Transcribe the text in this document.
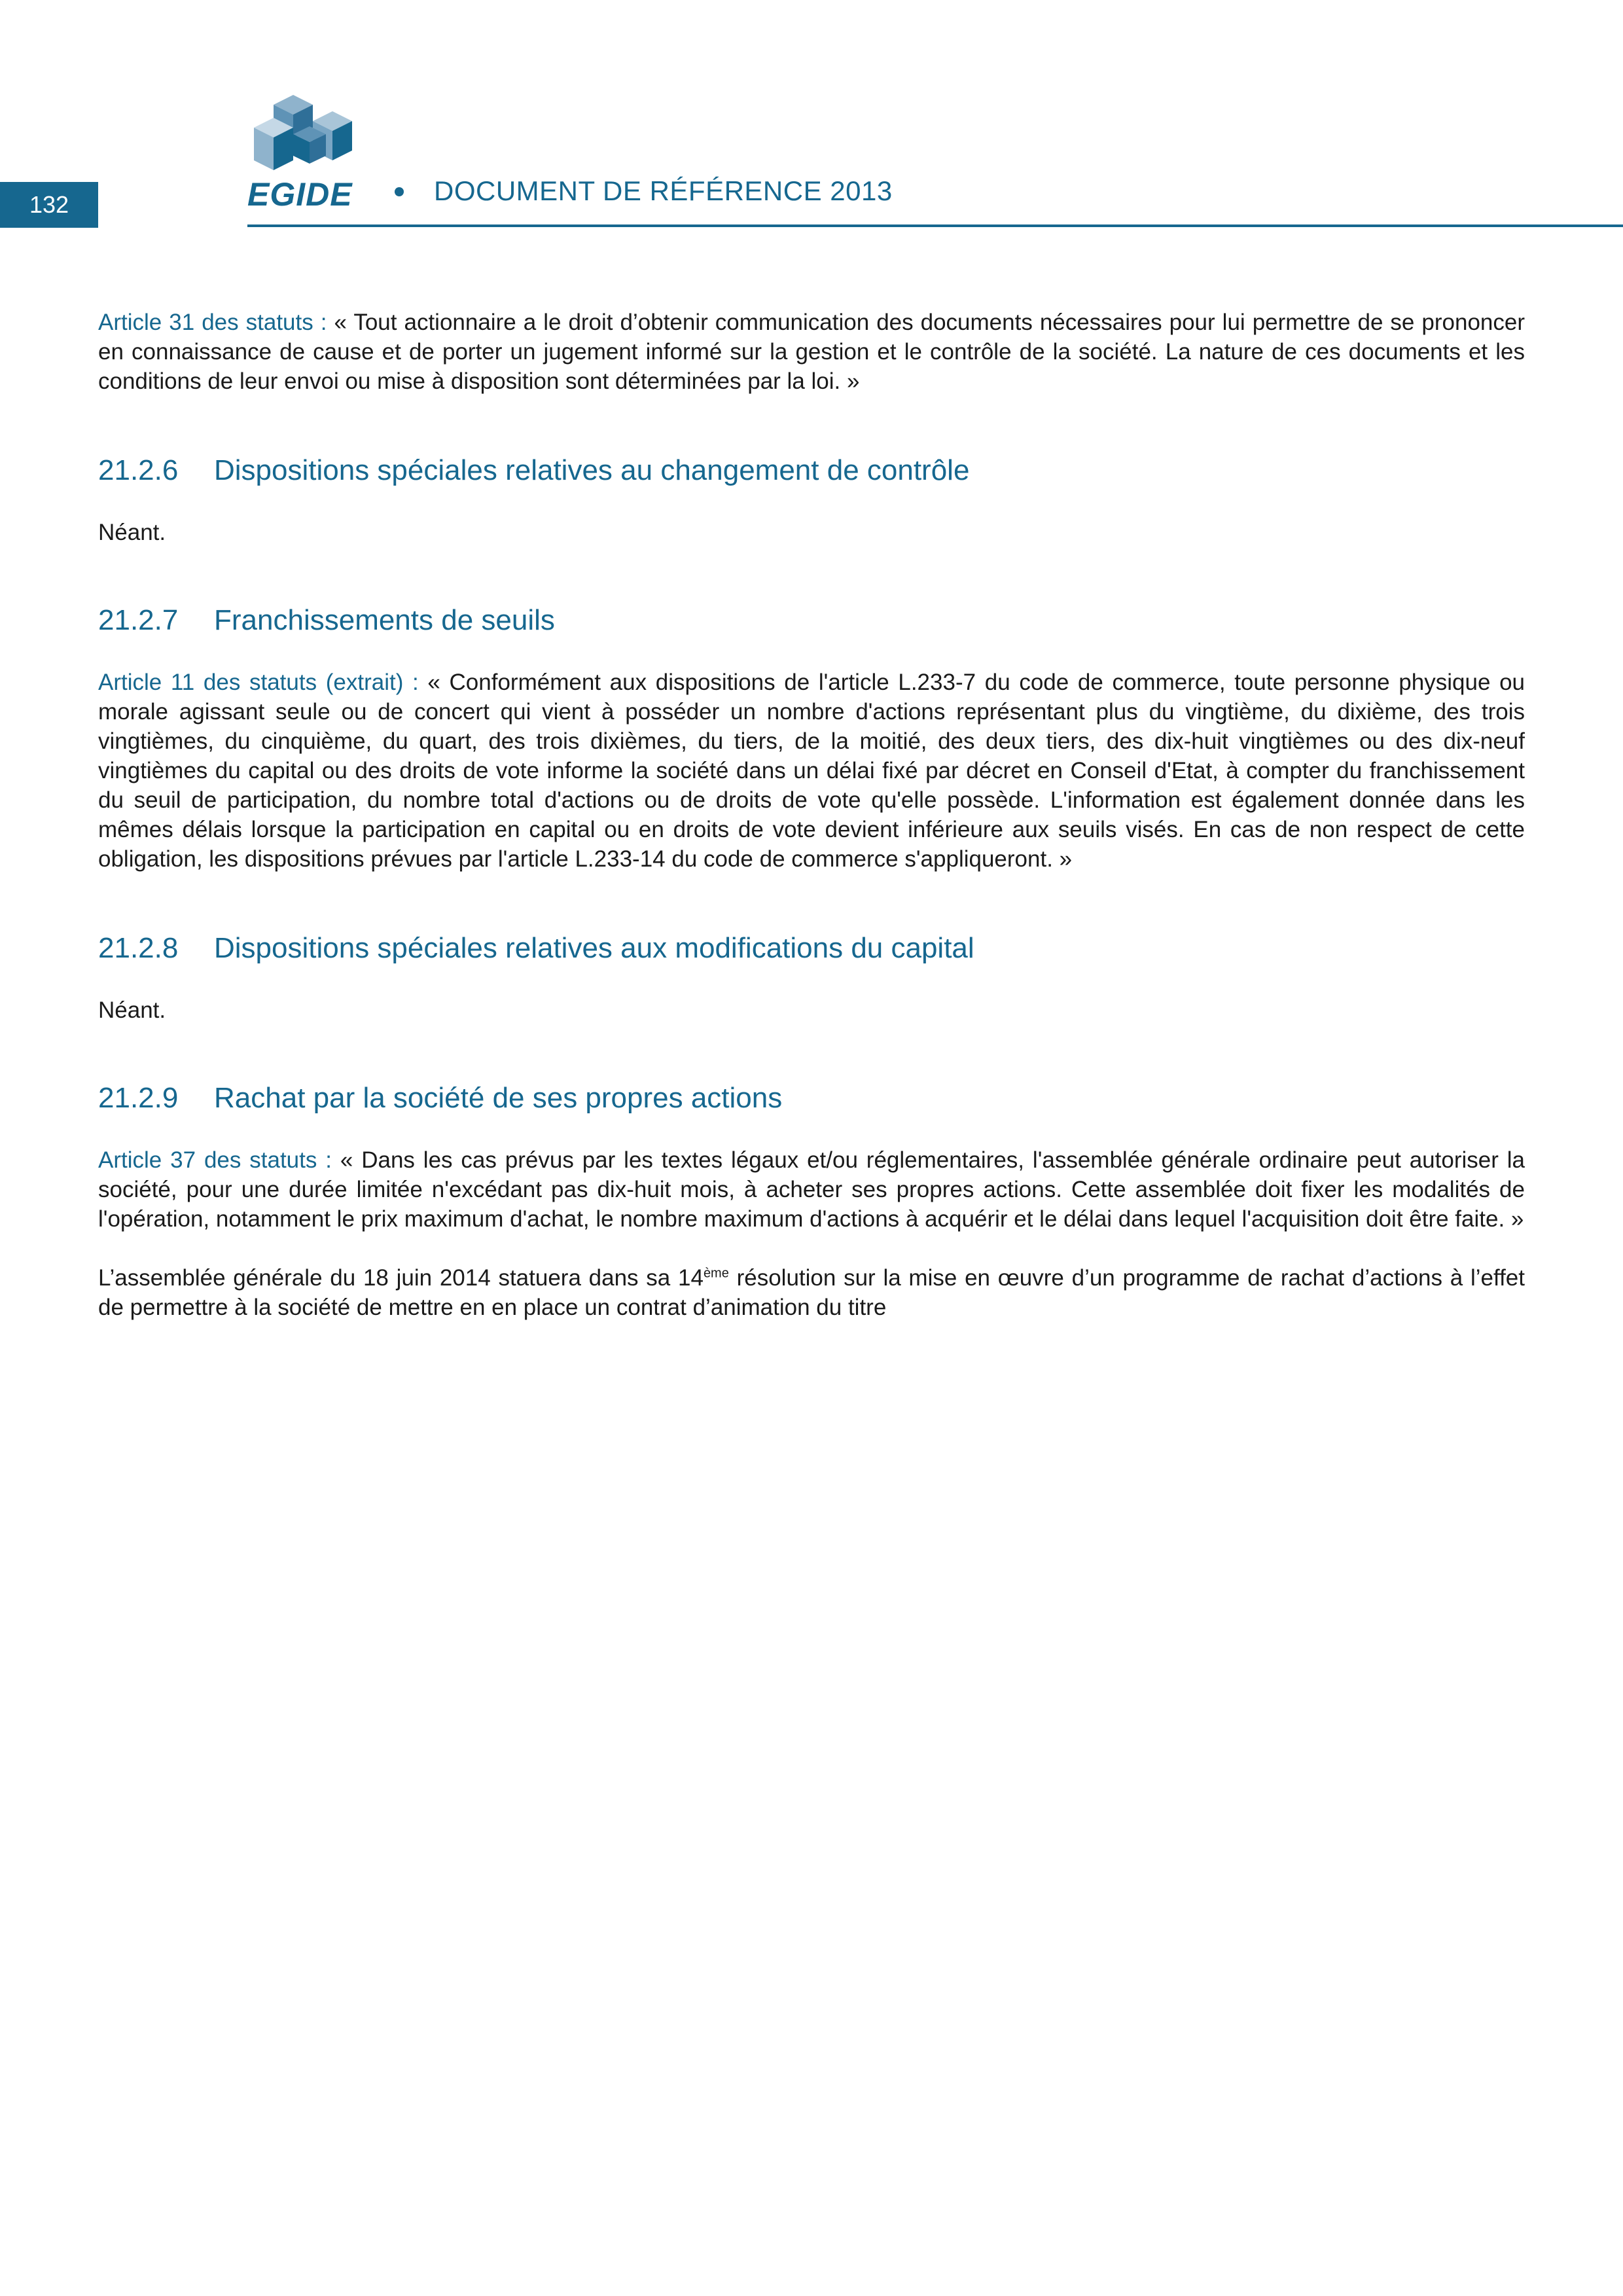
132	EGIDE	DOCUMENT DE RÉFÉRENCE 2013

Article 31 des statuts : « Tout actionnaire a le droit d’obtenir communication des documents nécessaires pour lui permettre de se prononcer en connaissance de cause et de porter un jugement informé sur la gestion et le contrôle de la société. La nature de ces documents et les conditions de leur envoi ou mise à disposition sont déterminées par la loi. »

21.2.6 Dispositions spéciales relatives au changement de contrôle

Néant.

21.2.7 Franchissements de seuils

Article 11 des statuts (extrait) : « Conformément aux dispositions de l'article L.233-7 du code de commerce, toute personne physique ou morale agissant seule ou de concert qui vient à posséder un nombre d'actions représentant plus du vingtième, du dixième, des trois vingtièmes, du cinquième, du quart, des trois dixièmes, du tiers, de la moitié, des deux tiers, des dix-huit vingtièmes ou des dix-neuf vingtièmes du capital ou des droits de vote informe la société dans un délai fixé par décret en Conseil d'Etat, à compter du franchissement du seuil de participation, du nombre total d'actions ou de droits de vote qu'elle possède. L'information est également donnée dans les mêmes délais lorsque la participation en capital ou en droits de vote devient inférieure aux seuils visés. En cas de non respect de cette obligation, les dispositions prévues par l'article L.233-14 du code de commerce s'appliqueront. »

21.2.8 Dispositions spéciales relatives aux modifications du capital

Néant.

21.2.9 Rachat par la société de ses propres actions

Article 37 des statuts : « Dans les cas prévus par les textes légaux et/ou réglementaires, l'assemblée générale ordinaire peut autoriser la société, pour une durée limitée n'excédant pas dix-huit mois, à acheter ses propres actions. Cette assemblée doit fixer les modalités de l'opération, notamment le prix maximum d'achat, le nombre maximum d'actions à acquérir et le délai dans lequel l'acquisition doit être faite. »

L’assemblée générale du 18 juin 2014 statuera dans sa 14ème résolution sur la mise en œuvre d’un programme de rachat d’actions à l’effet de permettre à la société de mettre en en place un contrat d’animation du titre
